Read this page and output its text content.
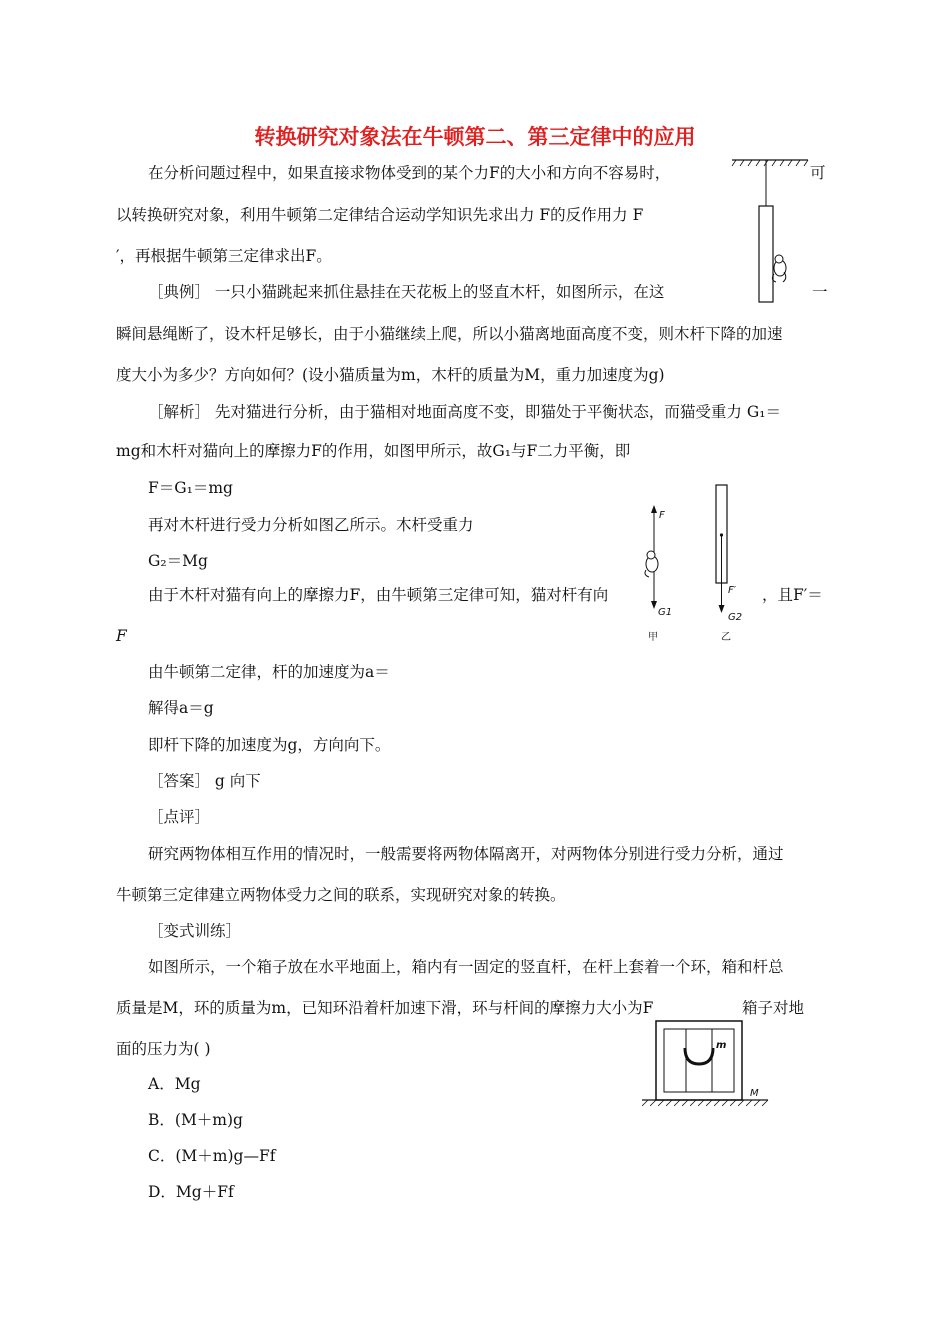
转换研究对象法在牛顿第二、第三定律中的应用
在分析问题过程中，如果直接求物体受到的某个力F的大小和方向不容易时，	可
以转换研究对象，利用牛顿第二定律结合运动学知识先求出力 F的反作用力 F
′，再根据牛顿第三定律求出F。
［典例］ 一只小猫跳起来抓住悬挂在天花板上的竖直木杆，如图所示，在这	一
瞬间悬绳断了，设木杆足够长，由于小猫继续上爬，所以小猫离地面高度不变，则木杆下降的加速
度大小为多少？方向如何？(设小猫质量为m，木杆的质量为M，重力加速度为g)
［解析］ 先对猫进行分析，由于猫相对地面高度不变，即猫处于平衡状态，而猫受重力 G₁＝
mg和木杆对猫向上的摩擦力F的作用，如图甲所示，故G₁与F二力平衡，即
F＝G₁＝mg
再对木杆进行受力分析如图乙所示。木杆受重力
G₂＝Mg
由于木杆对猫有向上的摩擦力F，由牛顿第三定律可知，猫对杆有向	，且F′＝
F
由牛顿第二定律，杆的加速度为a＝
解得a＝g
即杆下降的加速度为g，方向向下。
［答案］ g 向下
［点评］
研究两物体相互作用的情况时，一般需要将两物体隔离开，对两物体分别进行受力分析，通过
牛顿第三定律建立两物体受力之间的联系，实现研究对象的转换。
［变式训练］
如图所示，一个箱子放在水平地面上，箱内有一固定的竖直杆，在杆上套着一个环，箱和杆总
质量是M，环的质量为m，已知环沿着杆加速下滑，环与杆间的摩擦力大小为F	箱子对地
面的压力为( )
A．Mg
B．(M＋m)g
C．(M＋m)g—Ff
D．Mg＋Ff
F
G1
甲
F′
G2
乙
m
M
